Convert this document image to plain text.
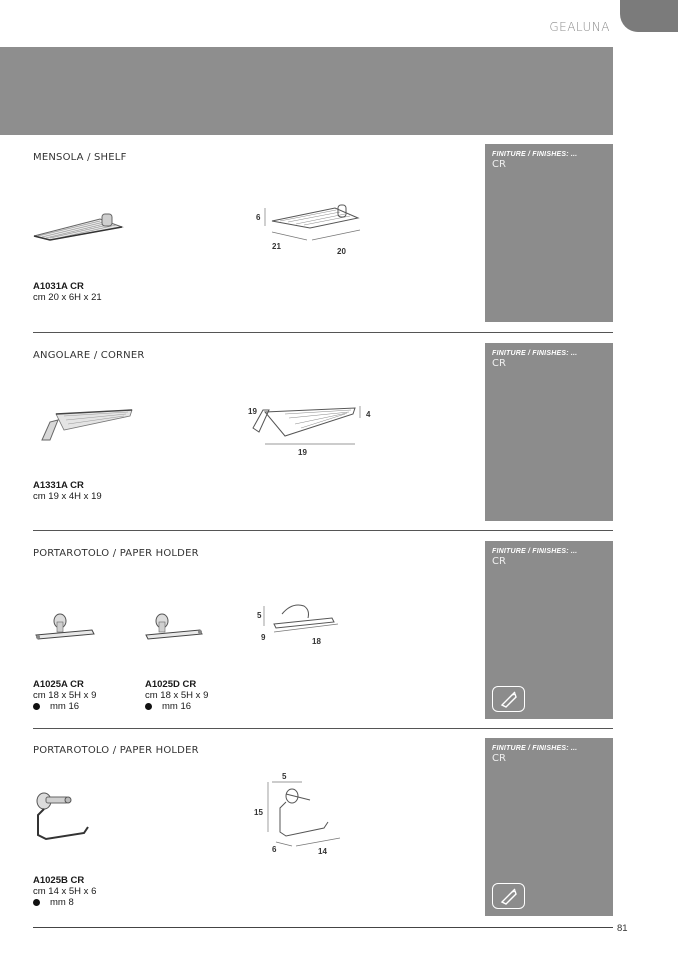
GEALUNA
MENSOLA / SHELF	FINITURE / FINISHES: ...
CR
6
21
20
A1031A CR
cm 20 x 6H x 21
ANGOLARE / CORNER	FINITURE / FINISHES: ...
CR
19	4
19
A1331A CR
cm 19 x 4H x 19
PORTAROTOLO / PAPER HOLDER	FINITURE / FINISHES: ...
CR
5
9	18
A1025A CR
cm 18 x 5H x 9
mm 16
A1025D CR
cm 18 x 5H x 9
mm 16
PORTAROTOLO / PAPER HOLDER	FINITURE / FINISHES: ...
CR
5
15
6	14
A1025B CR
cm 14 x 5H x 6
mm 8
81
